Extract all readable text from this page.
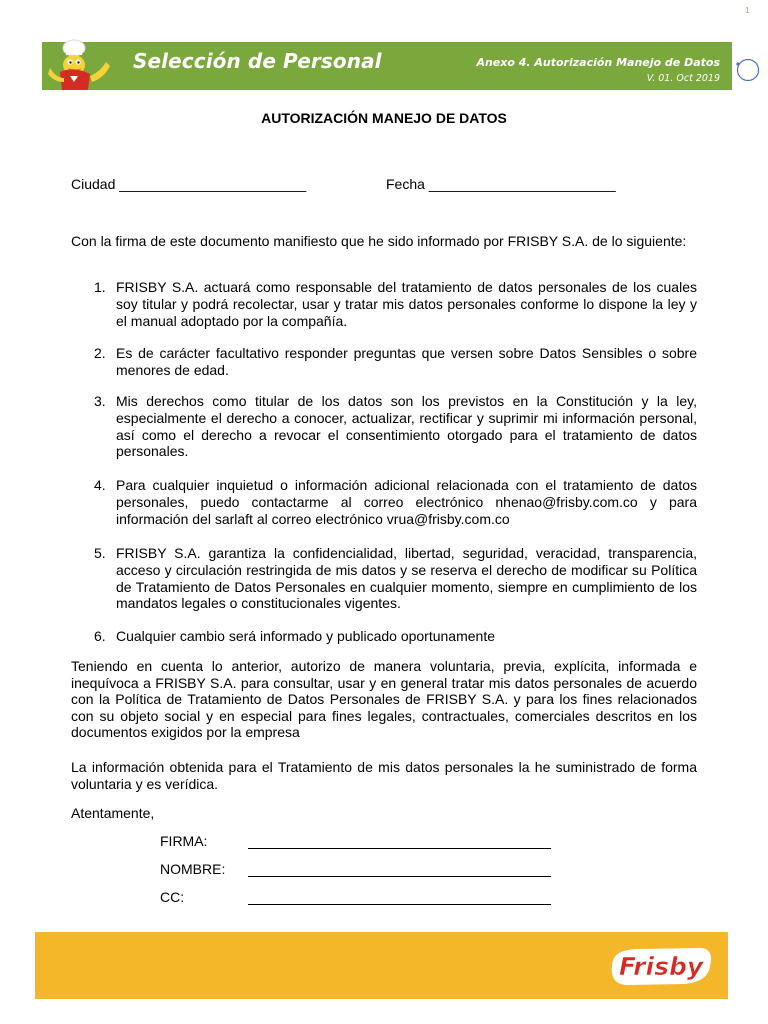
1
Selección de Personal	Anexo 4. Autorización Manejo de Datos
V. 01. Oct 2019
AUTORIZACIÓN MANEJO DE DATOS
Ciudad ________________________	Fecha ________________________
Con la firma de este documento manifiesto que he sido informado por FRISBY S.A. de lo siguiente:
1. FRISBY S.A. actuará como responsable del tratamiento de datos personales de los cuales soy titular y podrá recolectar, usar y tratar mis datos personales conforme lo dispone la ley y el manual adoptado por la compañía.
2. Es de carácter facultativo responder preguntas que versen sobre Datos Sensibles o sobre menores de edad.
3. Mis derechos como titular de los datos son los previstos en la Constitución y la ley, especialmente el derecho a conocer, actualizar, rectificar y suprimir mi información personal, así como el derecho a revocar el consentimiento otorgado para el tratamiento de datos personales.
4. Para cualquier inquietud o información adicional relacionada con el tratamiento de datos personales, puedo contactarme al correo electrónico nhenao@frisby.com.co y para información del sarlaft al correo electrónico vrua@frisby.com.co
5. FRISBY S.A. garantiza la confidencialidad, libertad, seguridad, veracidad, transparencia, acceso y circulación restringida de mis datos y se reserva el derecho de modificar su Política de Tratamiento de Datos Personales en cualquier momento, siempre en cumplimiento de los mandatos legales o constitucionales vigentes.
6. Cualquier cambio será informado y publicado oportunamente
Teniendo en cuenta lo anterior, autorizo de manera voluntaria, previa, explícita, informada e inequívoca a FRISBY S.A. para consultar, usar y en general tratar mis datos personales de acuerdo con la Política de Tratamiento de Datos Personales de FRISBY S.A. y para los fines relacionados con su objeto social y en especial para fines legales, contractuales, comerciales descritos en los documentos exigidos por la empresa
La información obtenida para el Tratamiento de mis datos personales la he suministrado de forma voluntaria y es verídica.
Atentamente,
FIRMA:
NOMBRE:
CC:
Frisby
